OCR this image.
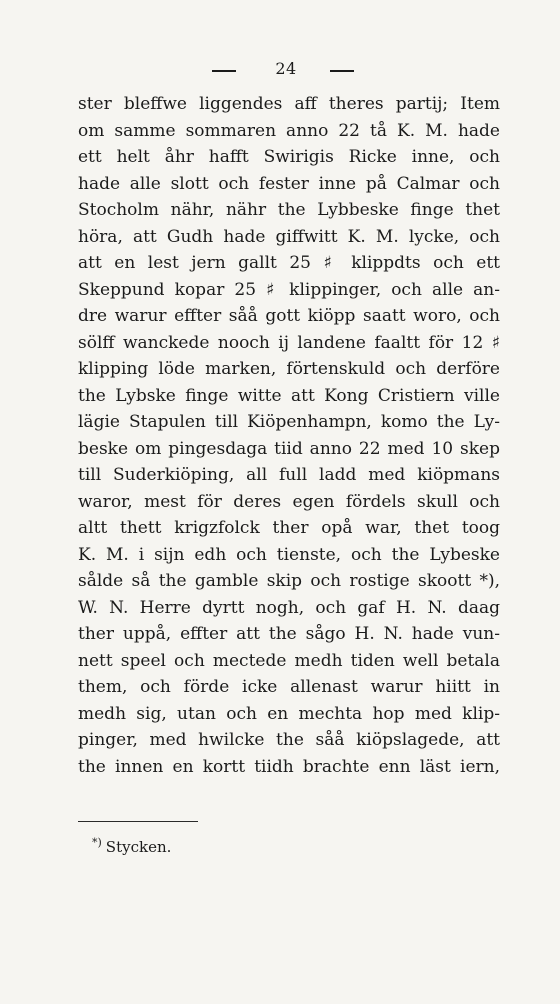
24
ster bleffwe liggendes aff theres partij; Item
om samme sommaren anno 22 tå K. M. hade
ett helt åhr hafft Swirigis Ricke inne, och
hade alle slott och fester inne på Calmar och
Stocholm nähr, nähr the Lybbeske finge thet
höra, att Gudh hade giffwitt K. M. lycke, och
att en lest jern gallt 25 ♯ klippdts och ett
Skeppund kopar 25 ♯ klippinger, och alle an-
dre warur effter såå gott kiöpp saatt woro, och
sölff wanckede nooch ij landene faaltt för 12 ♯
klipping löde marken, förtenskuld och derföre
the Lybske finge witte att Kong Cristiern ville
lägie Stapulen till Kiöpenhampn, komo the Ly-
beske om pingesdaga tiid anno 22 med 10 skep
till Suderkiöping, all full ladd med kiöpmans
waror, mest för deres egen fördels skull och
altt thett krigzfolck ther opå war, thet toog
K. M. i sijn edh och tienste, och the Lybeske
sålde så the gamble skip och rostige skoott *),
W. N. Herre dyrtt nogh, och gaf H. N. daag
ther uppå, effter att the sågo H. N. hade vun-
nett speel och mectede medh tiden well betala
them, och förde icke allenast warur hiitt in
medh sig, utan och en mechta hop med klip-
pinger, med hwilcke the såå kiöpslagede, att
the innen en kortt tiidh brachte enn läst iern,
*) Stycken.
